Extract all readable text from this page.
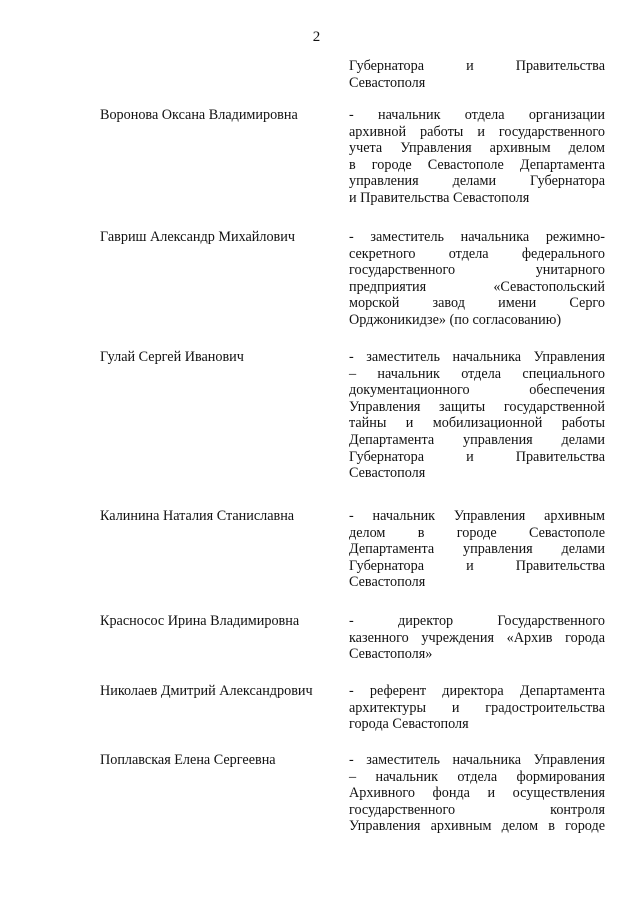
2
Губернатора и Правительства
Севастополя
Воронова Оксана Владимировна	- начальник отдела организации
архивной работы и государственного
учета Управления архивным делом
в городе Севастополе Департамента
управления делами Губернатора
и Правительства Севастополя
Гавриш Александр Михайлович	- заместитель начальника режимно-
секретного отдела федерального
государственного унитарного
предприятия «Севастопольский
морской завод имени Серго
Орджоникидзе» (по согласованию)
Гулай Сергей Иванович	- заместитель начальника Управления
– начальник отдела специального
документационного обеспечения
Управления защиты государственной
тайны и мобилизационной работы
Департамента управления делами
Губернатора и Правительства
Севастополя
Калинина Наталия Станиславна	- начальник Управления архивным
делом в городе Севастополе
Департамента управления делами
Губернатора и Правительства
Севастополя
Красносос Ирина Владимировна	- директор Государственного
казенного учреждения «Архив города
Севастополя»
Николаев Дмитрий Александрович	- референт директора Департамента
архитектуры и градостроительства
города Севастополя
Поплавская Елена Сергеевна	- заместитель начальника Управления
– начальник отдела формирования
Архивного фонда и осуществления
государственного контроля
Управления архивным делом в городе
